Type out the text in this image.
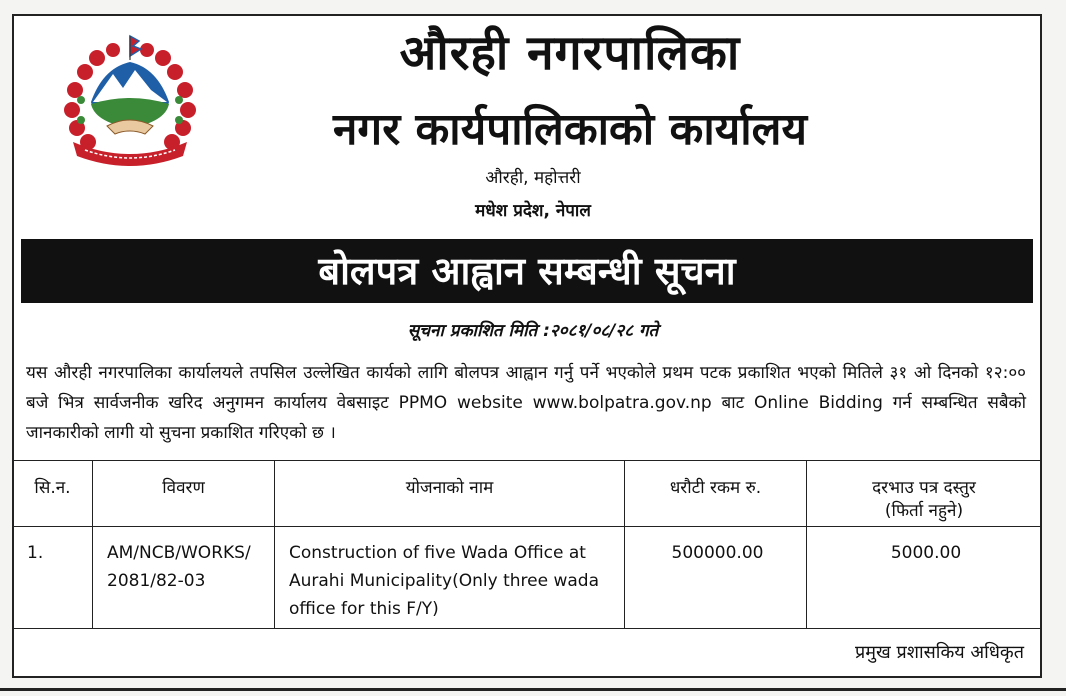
औरही नगरपालिका
नगर कार्यपालिकाको कार्यालय
औरही, महोत्तरी
मधेश प्रदेश, नेपाल
बोलपत्र आह्वान सम्बन्धी सूचना
सूचना प्रकाशित मिति :२०८१/०८/२८ गते

यस औरही नगरपालिका कार्यालयले तपसिल उल्लेखित कार्यको लागि बोलपत्र आह्वान गर्नु पर्ने भएकोले प्रथम पटक प्रकाशित भएको मितिले ३१ ओ दिनको १२:०० बजे भित्र सार्वजनीक खरिद अनुगमन कार्यालय वेबसाइट PPMO website www.bolpatra.gov.np बाट Online Bidding गर्न सम्बन्धित सबैको जानकारीको लागी यो सुचना प्रकाशित गरिएको छ ।

सि.न.	विवरण	योजनाको नाम	धरौटी रकम रु.	दरभाउ पत्र दस्तुर
(फिर्ता नहुने)

1.	AM/NCB/WORKS/ 2081/82-03	Construction of five Wada Office at Aurahi Municipality(Only three wada office for this F/Y)	500000.00	5000.00
प्रमुख प्रशासकिय अधिकृत
